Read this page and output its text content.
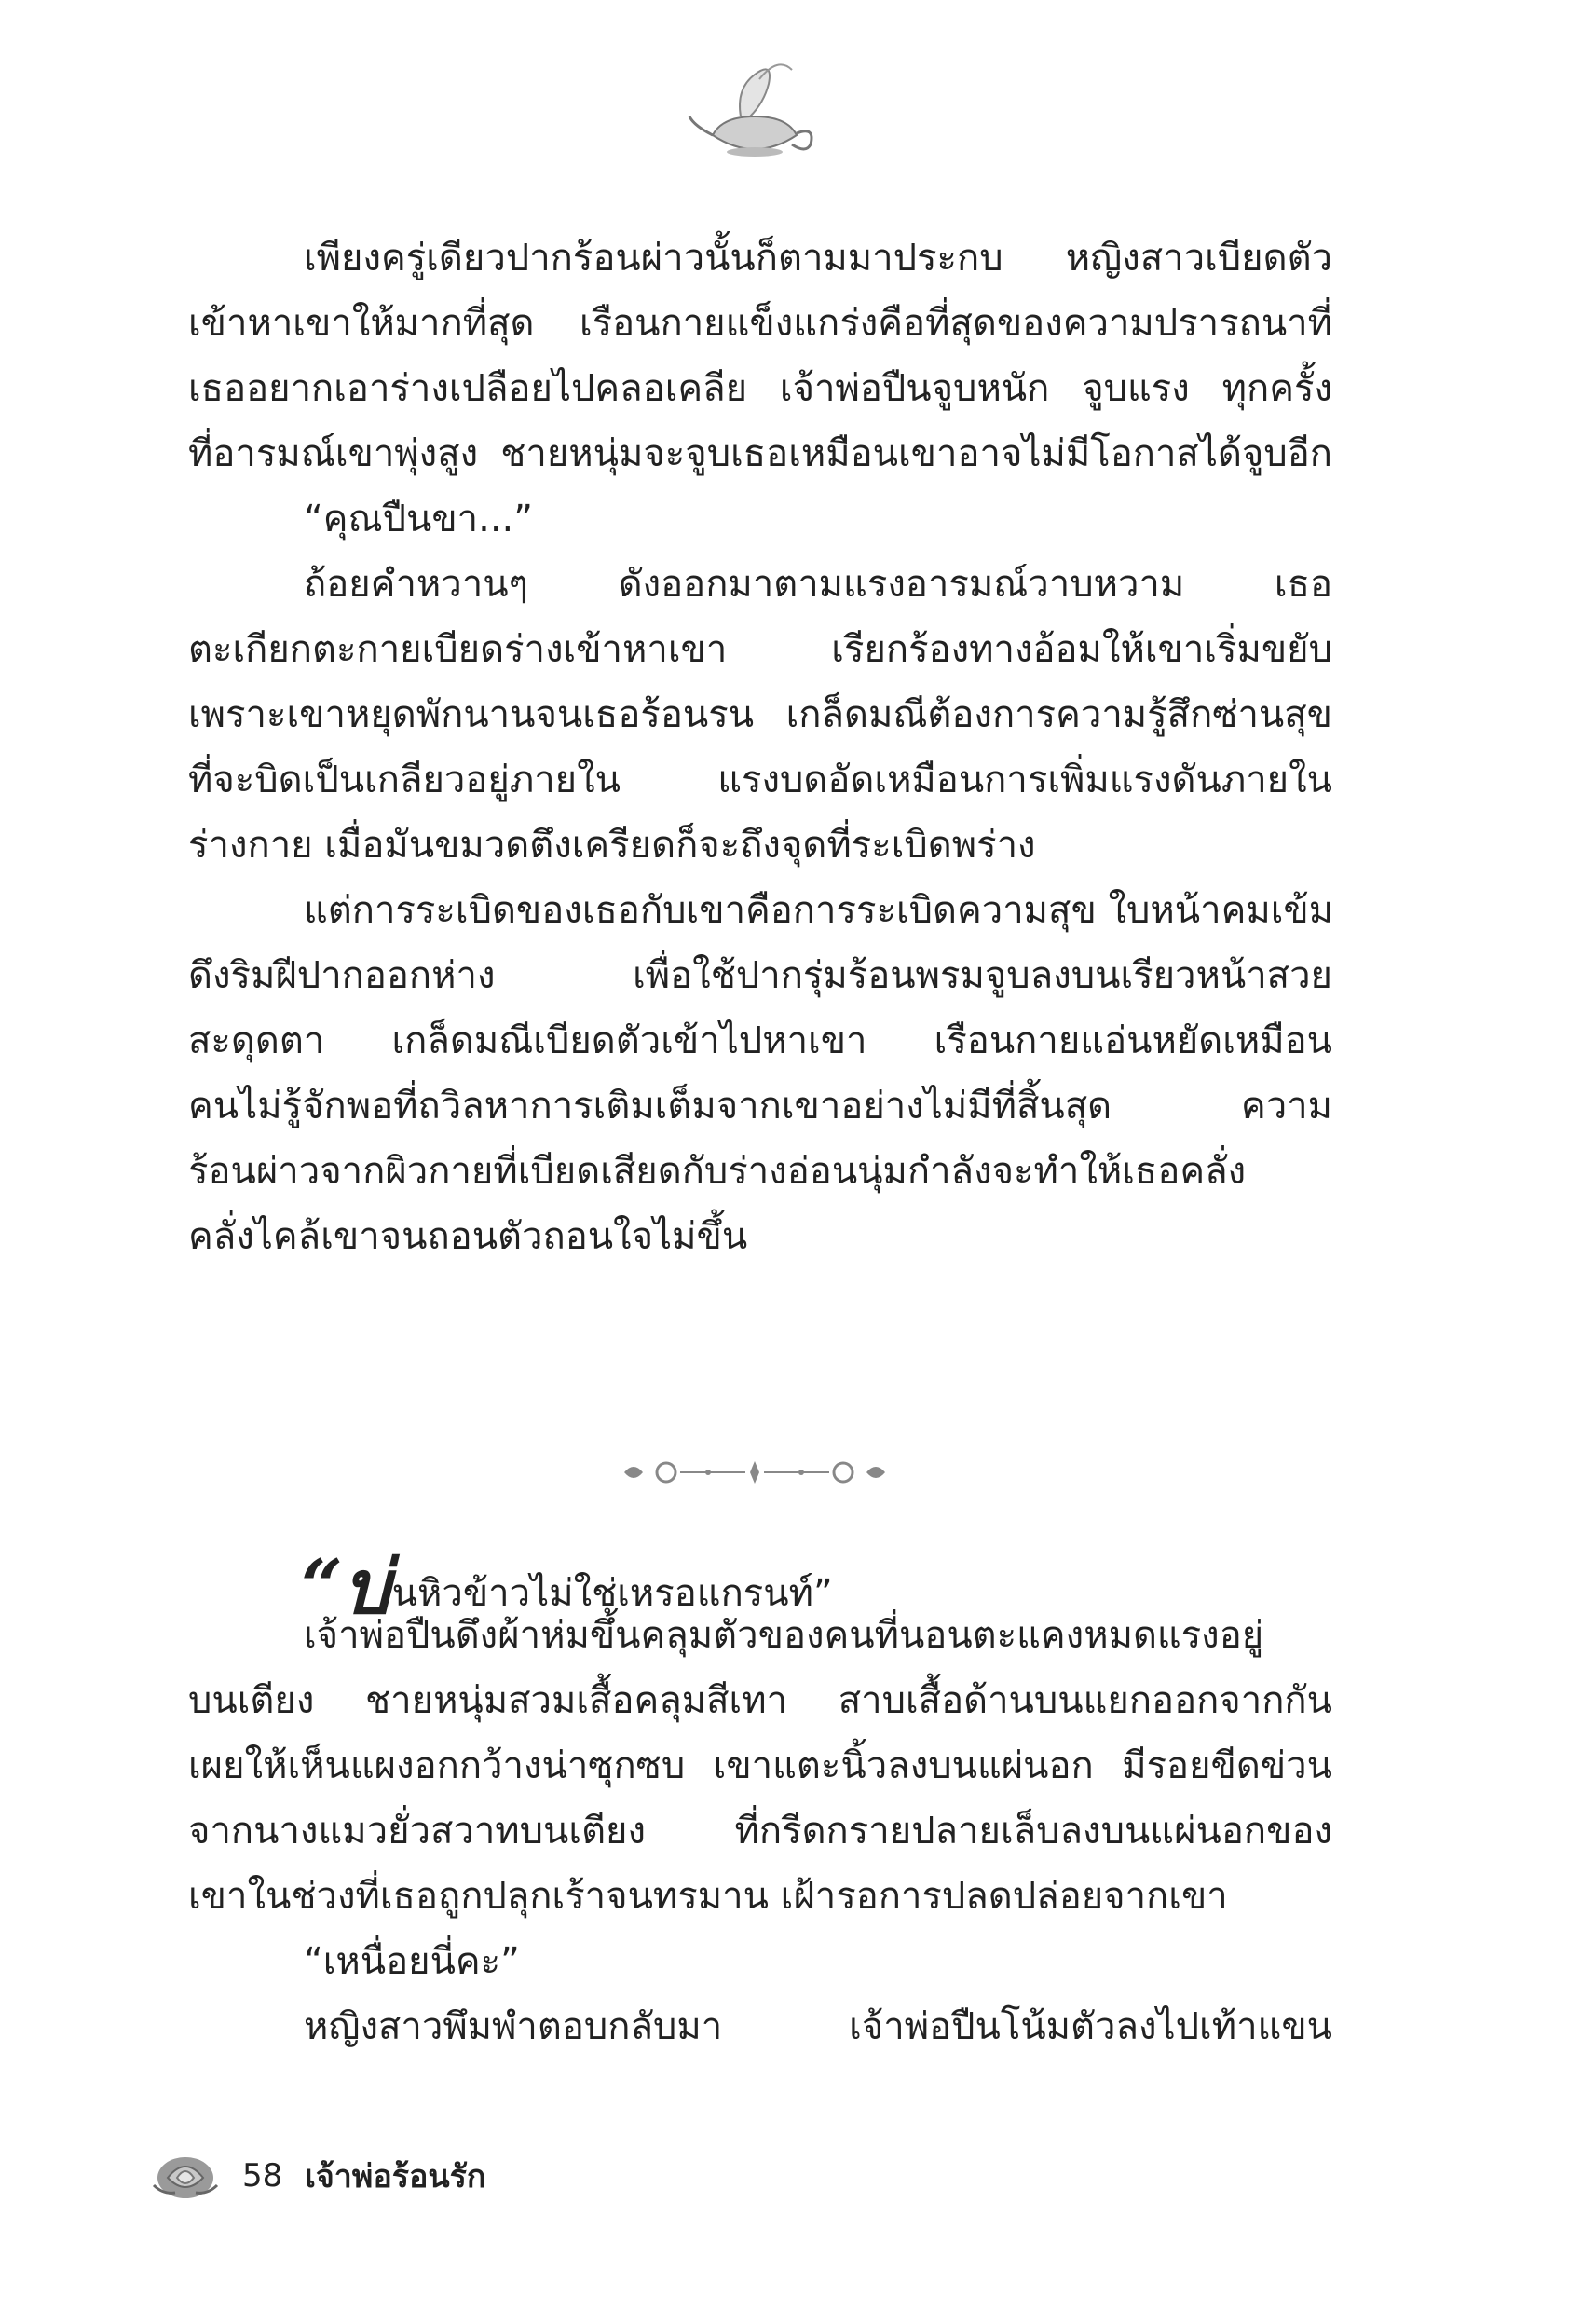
เพียงครู่เดียวปากร้อนผ่าวนั้นก็ตามมาประกบ หญิงสาวเบียดตัว
เข้าหาเขาให้มากที่สุด เรือนกายแข็งแกร่งคือที่สุดของความปรารถนาที่
เธออยากเอาร่างเปลือยไปคลอเคลีย เจ้าพ่อปืนจูบหนัก จูบแรง ทุกครั้ง
ที่อารมณ์เขาพุ่งสูง ชายหนุ่มจะจูบเธอเหมือนเขาอาจไม่มีโอกาสได้จูบอีก
“คุณปืนขา...”
ถ้อยคำหวานๆ ดังออกมาตามแรงอารมณ์วาบหวาม เธอ
ตะเกียกตะกายเบียดร่างเข้าหาเขา เรียกร้องทางอ้อมให้เขาเริ่มขยับ
เพราะเขาหยุดพักนานจนเธอร้อนรน เกล็ดมณีต้องการความรู้สึกซ่านสุข
ที่จะบิดเป็นเกลียวอยู่ภายใน แรงบดอัดเหมือนการเพิ่มแรงดันภายใน
ร่างกาย เมื่อมันขมวดตึงเครียดก็จะถึงจุดที่ระเบิดพร่าง
แต่การระเบิดของเธอกับเขาคือการระเบิดความสุข ใบหน้าคมเข้ม
ดึงริมฝีปากออกห่าง เพื่อใช้ปากรุ่มร้อนพรมจูบลงบนเรียวหน้าสวย
สะดุดตา เกล็ดมณีเบียดตัวเข้าไปหาเขา เรือนกายแอ่นหยัดเหมือน
คนไม่รู้จักพอที่ถวิลหาการเติมเต็มจากเขาอย่างไม่มีที่สิ้นสุด ความ
ร้อนผ่าวจากผิวกายที่เบียดเสียดกับร่างอ่อนนุ่มกำลังจะทำให้เธอคลั่ง
คลั่งไคล้เขาจนถอนตัวถอนใจไม่ขึ้น
“บ่นหิวข้าวไม่ใช่เหรอแกรนท์”
เจ้าพ่อปืนดึงผ้าห่มขึ้นคลุมตัวของคนที่นอนตะแคงหมดแรงอยู่
บนเตียง ชายหนุ่มสวมเสื้อคลุมสีเทา สาบเสื้อด้านบนแยกออกจากกัน
เผยให้เห็นแผงอกกว้างน่าซุกซบ เขาแตะนิ้วลงบนแผ่นอก มีรอยขีดข่วน
จากนางแมวยั่วสวาทบนเตียง ที่กรีดกรายปลายเล็บลงบนแผ่นอกของ
เขาในช่วงที่เธอถูกปลุกเร้าจนทรมาน เฝ้ารอการปลดปล่อยจากเขา
“เหนื่อยนี่คะ”
หญิงสาวพึมพำตอบกลับมา เจ้าพ่อปืนโน้มตัวลงไปเท้าแขน
58 เจ้าพ่อร้อนรัก
